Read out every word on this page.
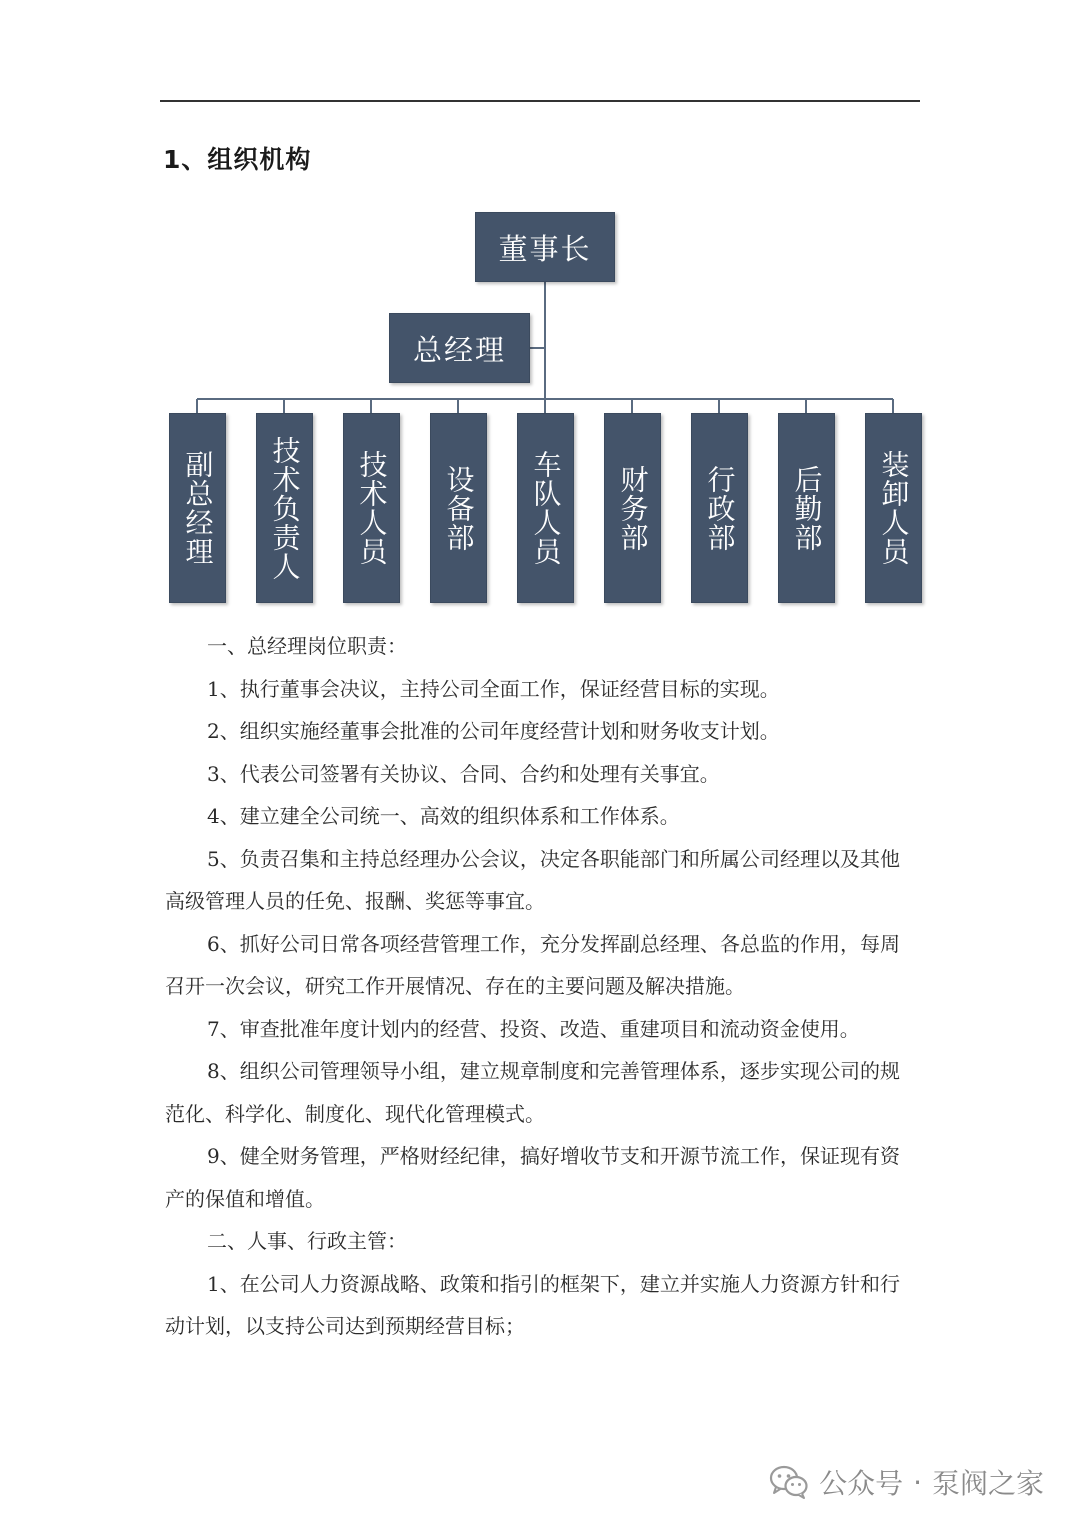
1、组织机构
董事长
总经理
副总经理 技术负责人 技术人员 设备部 车队人员 财务部 行政部 后勤部 装卸人员

一、总经理岗位职责：

1、执行董事会决议，主持公司全面工作，保证经营目标的实现。

2、组织实施经董事会批准的公司年度经营计划和财务收支计划。

3、代表公司签署有关协议、合同、合约和处理有关事宜。

4、建立建全公司统一、高效的组织体系和工作体系。

5、负责召集和主持总经理办公会议，决定各职能部门和所属公司经理以及其他高级管理人员的任免、报酬、奖惩等事宜。

6、抓好公司日常各项经营管理工作，充分发挥副总经理、各总监的作用，每周召开一次会议，研究工作开展情况、存在的主要问题及解决措施。

7、审查批准年度计划内的经营、投资、改造、重建项目和流动资金使用。

8、组织公司管理领导小组，建立规章制度和完善管理体系，逐步实现公司的规范化、科学化、制度化、现代化管理模式。

9、健全财务管理，严格财经纪律，搞好增收节支和开源节流工作，保证现有资产的保值和增值。

二、人事、行政主管：

1、在公司人力资源战略、政策和指引的框架下，建立并实施人力资源方针和行动计划，以支持公司达到预期经营目标；

公众号 · 泵阀之家
